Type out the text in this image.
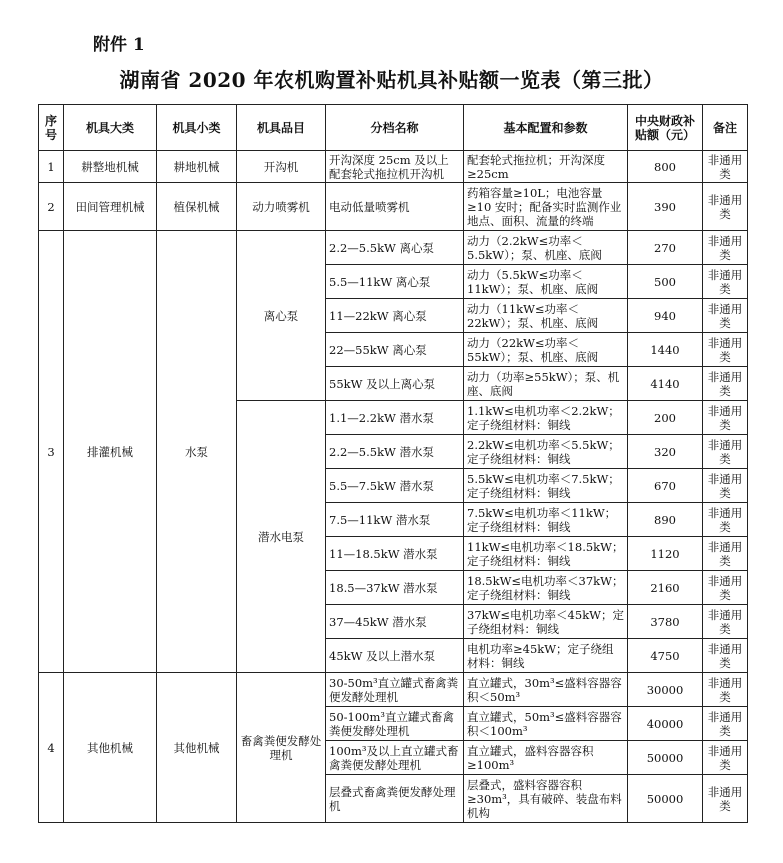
附件 1
湖南省 2020 年农机购置补贴机具补贴额一览表（第三批）
序号	机具大类	机具小类	机具品目	分档名称	基本配置和参数	中央财政补贴额（元）	备注
1	耕整地机械	耕地机械	开沟机	开沟深度 25cm 及以上配套轮式拖拉机开沟机	配套轮式拖拉机；开沟深度≥25cm	800	非通用类
2	田间管理机械	植保机械	动力喷雾机	电动低量喷雾机	药箱容量≥10L；电池容量≥10 安时；配备实时监测作业地点、面积、流量的终端	390	非通用类
3	排灌机械	水泵	离心泵	2.2—5.5kW 离心泵	动力（2.2kW≤功率＜5.5kW）；泵、机座、底阀	270	非通用类
				5.5—11kW 离心泵	动力（5.5kW≤功率＜11kW）；泵、机座、底阀	500	非通用类
				11—22kW 离心泵	动力（11kW≤功率＜22kW）；泵、机座、底阀	940	非通用类
				22—55kW 离心泵	动力（22kW≤功率＜55kW）；泵、机座、底阀	1440	非通用类
				55kW 及以上离心泵	动力（功率≥55kW）；泵、机座、底阀	4140	非通用类
			潜水电泵	1.1—2.2kW 潜水泵	1.1kW≤电机功率＜2.2kW；定子绕组材料：铜线	200	非通用类
				2.2—5.5kW 潜水泵	2.2kW≤电机功率＜5.5kW；定子绕组材料：铜线	320	非通用类
				5.5—7.5kW 潜水泵	5.5kW≤电机功率＜7.5kW；定子绕组材料：铜线	670	非通用类
				7.5—11kW 潜水泵	7.5kW≤电机功率＜11kW；定子绕组材料：铜线	890	非通用类
				11—18.5kW 潜水泵	11kW≤电机功率＜18.5kW；定子绕组材料：铜线	1120	非通用类
				18.5—37kW 潜水泵	18.5kW≤电机功率＜37kW；定子绕组材料：铜线	2160	非通用类
				37—45kW 潜水泵	37kW≤电机功率＜45kW；定子绕组材料：铜线	3780	非通用类
				45kW 及以上潜水泵	电机功率≥45kW；定子绕组材料：铜线	4750	非通用类
4	其他机械	其他机械	畜禽粪便发酵处理机	30-50m³直立罐式畜禽粪便发酵处理机	直立罐式，30m³≤盛料容器容积＜50m³	30000	非通用类
				50-100m³直立罐式畜禽粪便发酵处理机	直立罐式，50m³≤盛料容器容积＜100m³	40000	非通用类
				100m³及以上直立罐式畜禽粪便发酵处理机	直立罐式，盛料容器容积≥100m³	50000	非通用类
				层叠式畜禽粪便发酵处理机	层叠式，盛料容器容积≥30m³，具有破碎、装盘布料机构	50000	非通用类
